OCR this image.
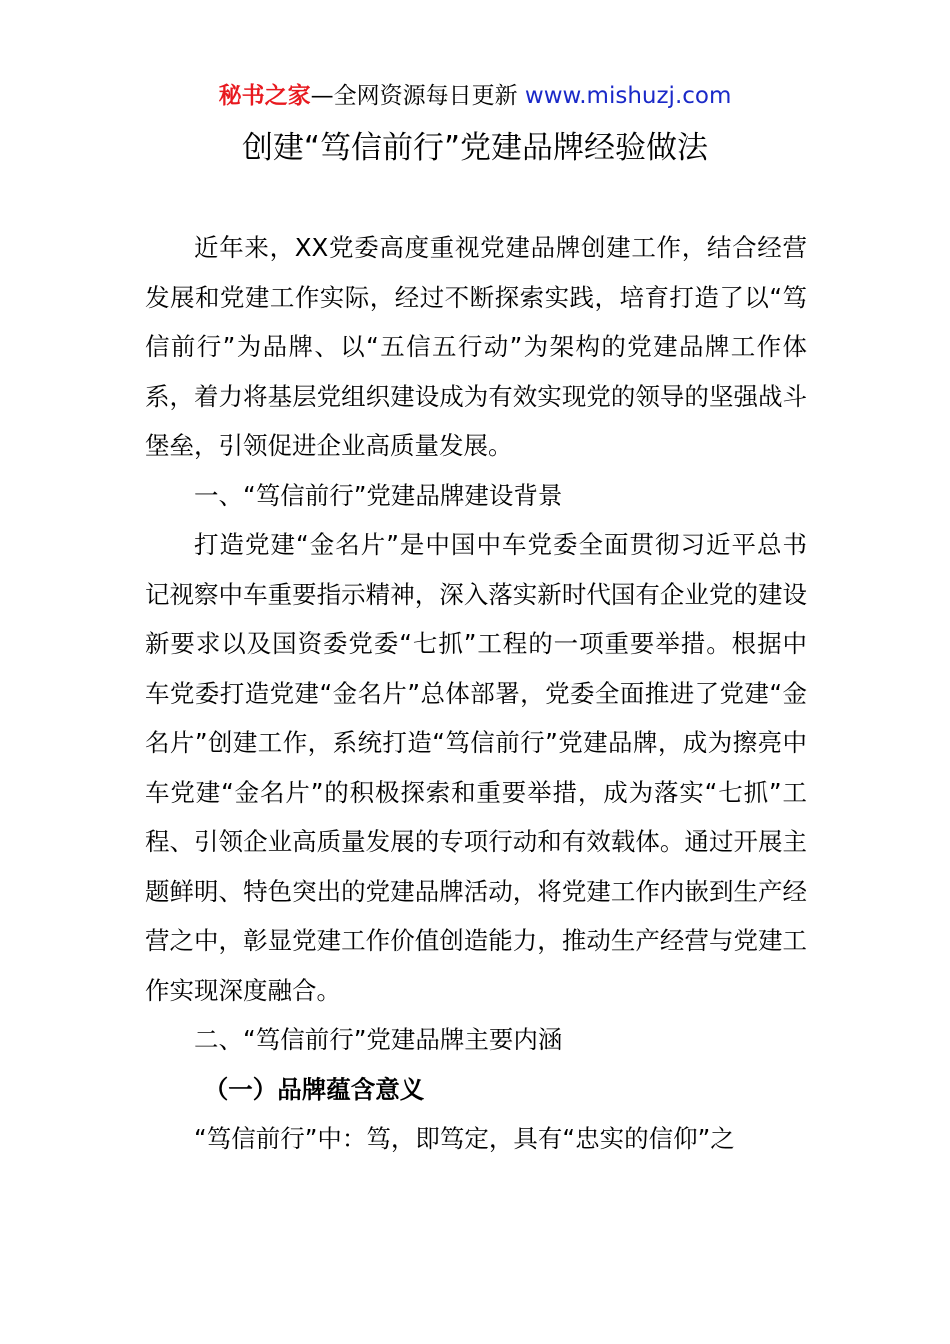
秘书之家—全网资源每日更新 www.mishuzj.com
创建“笃信前行”党建品牌经验做法

近年来，XX党委高度重视党建品牌创建工作，结合经营发展和党建工作实际，经过不断探索实践，培育打造了以“笃信前行”为品牌、以“五信五行动”为架构的党建品牌工作体系，着力将基层党组织建设成为有效实现党的领导的坚强战斗堡垒，引领促进企业高质量发展。

一、“笃信前行”党建品牌建设背景

打造党建“金名片”是中国中车党委全面贯彻习近平总书记视察中车重要指示精神，深入落实新时代国有企业党的建设新要求以及国资委党委“七抓”工程的一项重要举措。根据中车党委打造党建“金名片”总体部署，党委全面推进了党建“金名片”创建工作，系统打造“笃信前行”党建品牌，成为擦亮中车党建“金名片”的积极探索和重要举措，成为落实“七抓”工程、引领企业高质量发展的专项行动和有效载体。通过开展主题鲜明、特色突出的党建品牌活动，将党建工作内嵌到生产经营之中，彰显党建工作价值创造能力，推动生产经营与党建工作实现深度融合。

二、“笃信前行”党建品牌主要内涵

（一）品牌蕴含意义

“笃信前行”中：笃，即笃定，具有“忠实的信仰”之
